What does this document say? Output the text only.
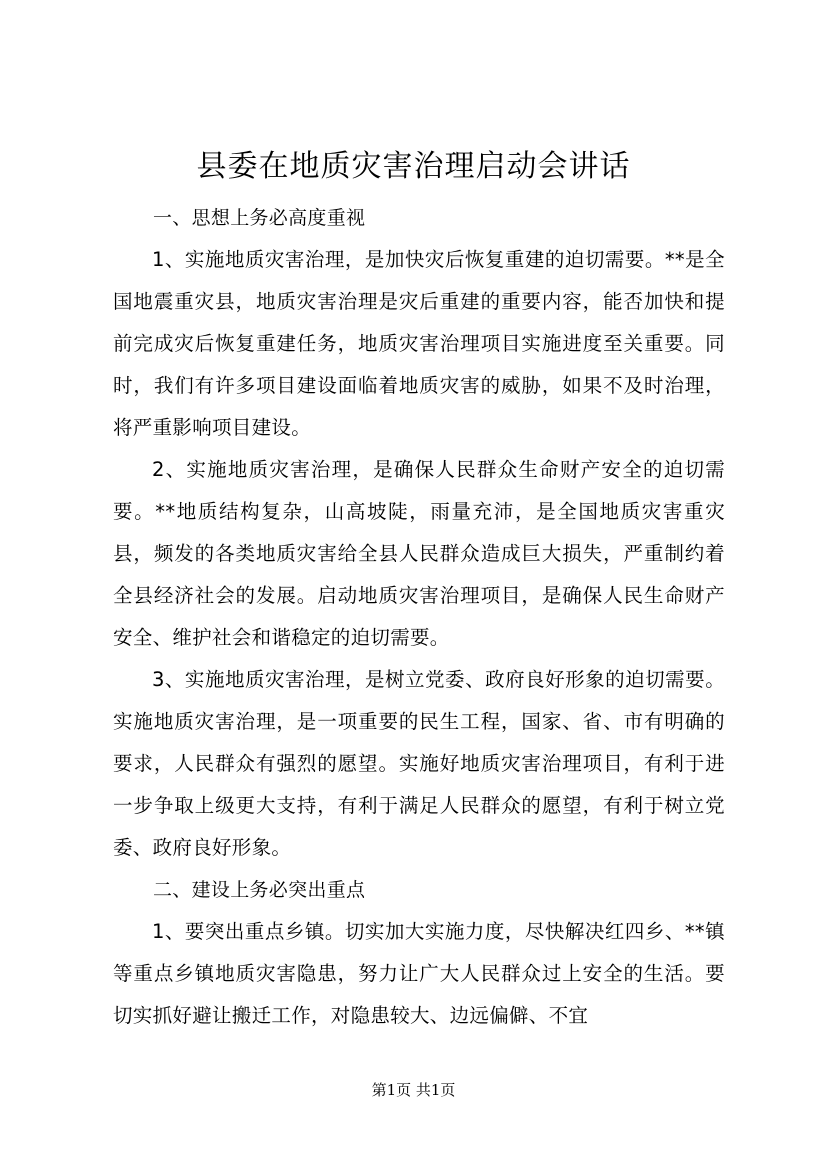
县委在地质灾害治理启动会讲话

一、思想上务必高度重视

1、实施地质灾害治理，是加快灾后恢复重建的迫切需要。**是全国地震重灾县，地质灾害治理是灾后重建的重要内容，能否加快和提前完成灾后恢复重建任务，地质灾害治理项目实施进度至关重要。同时，我们有许多项目建设面临着地质灾害的威胁，如果不及时治理，将严重影响项目建设。

2、实施地质灾害治理，是确保人民群众生命财产安全的迫切需要。**地质结构复杂，山高坡陡，雨量充沛，是全国地质灾害重灾县，频发的各类地质灾害给全县人民群众造成巨大损失，严重制约着全县经济社会的发展。启动地质灾害治理项目，是确保人民生命财产安全、维护社会和谐稳定的迫切需要。

3、实施地质灾害治理，是树立党委、政府良好形象的迫切需要。实施地质灾害治理，是一项重要的民生工程，国家、省、市有明确的要求，人民群众有强烈的愿望。实施好地质灾害治理项目，有利于进一步争取上级更大支持，有利于满足人民群众的愿望，有利于树立党委、政府良好形象。

二、建设上务必突出重点

1、要突出重点乡镇。切实加大实施力度，尽快解决红四乡、**镇等重点乡镇地质灾害隐患，努力让广大人民群众过上安全的生活。要切实抓好避让搬迁工作，对隐患较大、边远偏僻、不宜

第1页 共1页
